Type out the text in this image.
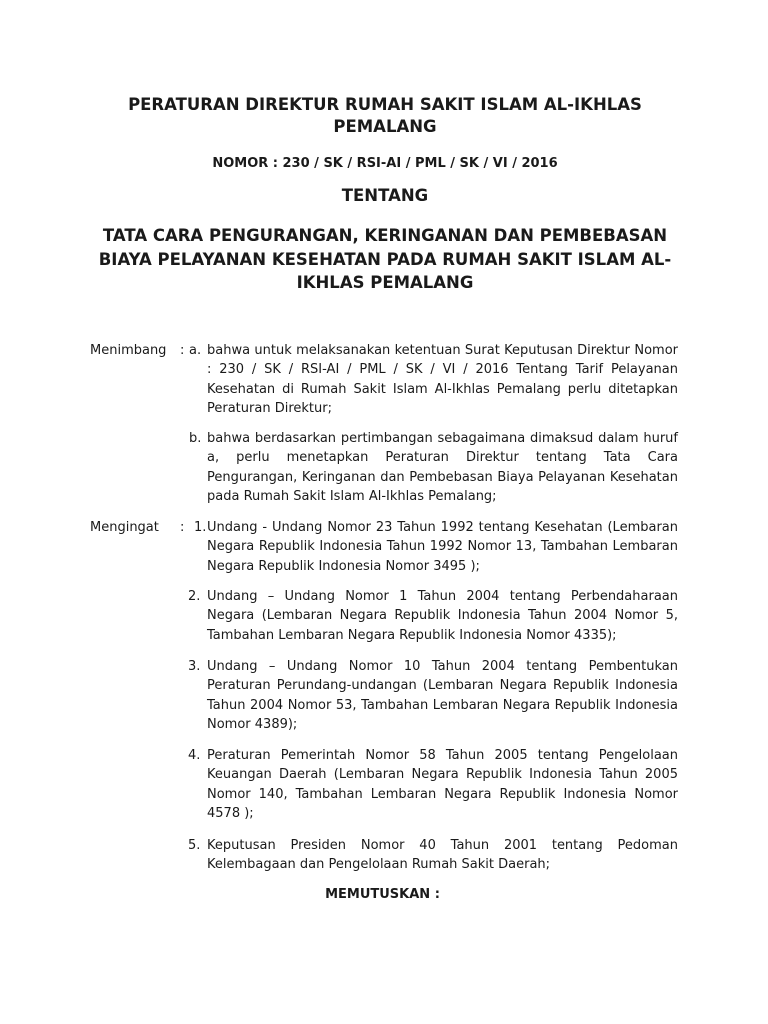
PERATURAN DIREKTUR RUMAH SAKIT ISLAM AL-IKHLAS PEMALANG
NOMOR : 230 / SK / RSI-AI / PML / SK / VI / 2016
TENTANG
TATA CARA PENGURANGAN, KERINGANAN DAN PEMBEBASAN BIAYA PELAYANAN KESEHATAN PADA RUMAH SAKIT ISLAM AL-IKHLAS PEMALANG
Menimbang : a. bahwa untuk melaksanakan ketentuan Surat Keputusan Direktur Nomor : 230 / SK / RSI-AI / PML / SK / VI / 2016 Tentang Tarif Pelayanan Kesehatan di Rumah Sakit Islam Al-Ikhlas Pemalang perlu ditetapkan Peraturan Direktur;
b. bahwa berdasarkan pertimbangan sebagaimana dimaksud dalam huruf a, perlu menetapkan Peraturan Direktur tentang Tata Cara Pengurangan, Keringanan dan Pembebasan Biaya Pelayanan Kesehatan pada Rumah Sakit Islam Al-Ikhlas Pemalang;
Mengingat : 1. Undang - Undang Nomor 23 Tahun 1992 tentang Kesehatan (Lembaran Negara Republik Indonesia Tahun 1992 Nomor 13, Tambahan Lembaran Negara Republik Indonesia Nomor 3495 );
2. Undang – Undang Nomor 1 Tahun 2004 tentang Perbendaharaan Negara (Lembaran Negara Republik Indonesia Tahun 2004 Nomor 5, Tambahan Lembaran Negara Republik Indonesia Nomor 4335);
3. Undang – Undang Nomor 10 Tahun 2004 tentang Pembentukan Peraturan Perundang-undangan (Lembaran Negara Republik Indonesia Tahun 2004 Nomor 53, Tambahan Lembaran Negara Republik Indonesia Nomor 4389);
4. Peraturan Pemerintah Nomor 58 Tahun 2005 tentang Pengelolaan Keuangan Daerah (Lembaran Negara Republik Indonesia Tahun 2005 Nomor 140, Tambahan Lembaran Negara Republik Indonesia Nomor 4578 );
5. Keputusan Presiden Nomor 40 Tahun 2001 tentang Pedoman Kelembagaan dan Pengelolaan Rumah Sakit Daerah;
MEMUTUSKAN :
